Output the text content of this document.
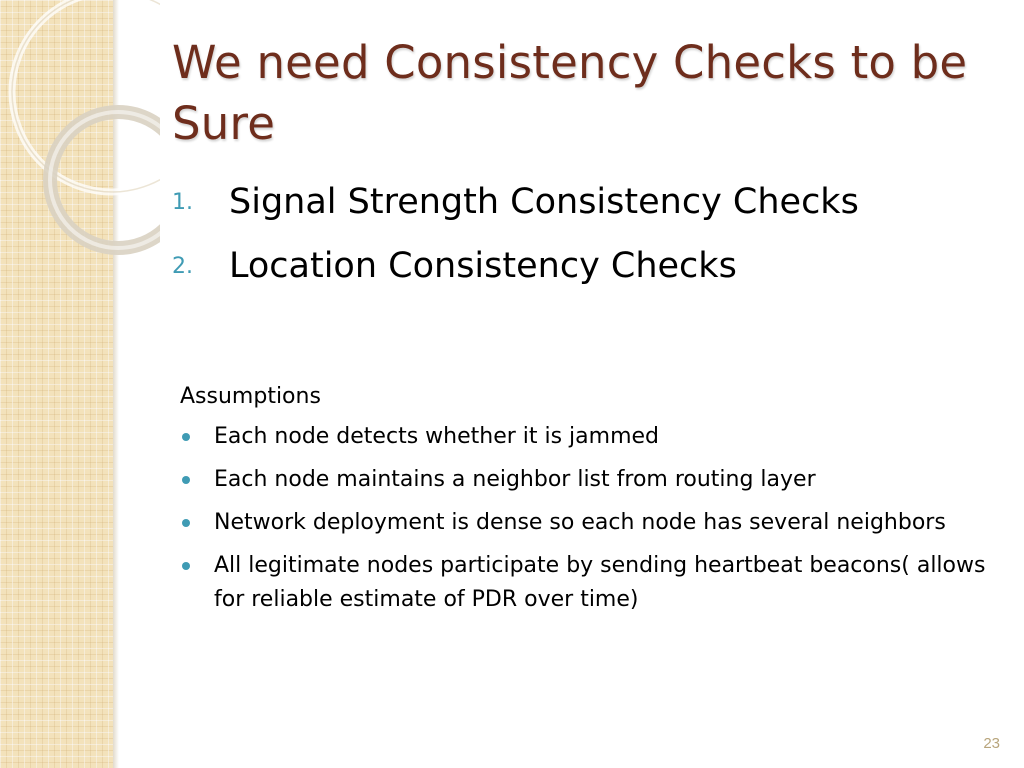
We need Consistency Checks to be Sure
1.	Signal Strength Consistency Checks
2.	Location Consistency Checks

Assumptions

Each node detects whether it is jammed
Each node maintains a neighbor list from routing layer
Network deployment is dense so each node has several neighbors
All legitimate nodes participate by sending heartbeat beacons( allows for reliable estimate of PDR over time)
23
